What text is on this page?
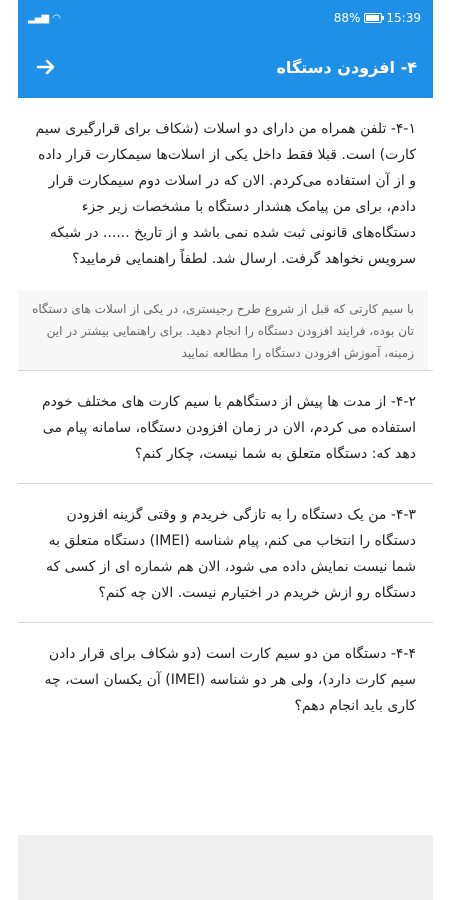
▂▄▆ ◠	88% 15:39
۴- افزودن دستگاه
۴-۱- تلفن همراه من دارای دو اسلات (شکاف برای قرارگیری سیم کارت) است. قبلا فقط داخل یکی از اسلات‌ها سیمکارت قرار داده و از آن استفاده می‌کردم. الان که در اسلات دوم سیمکارت قرار دادم، برای من پیامک هشدار دستگاه با مشخصات زیر جزء دستگاه‌های قانونی ثبت شده نمی باشد و از تاریخ ...... در شبکه سرویس نخواهد گرفت. ارسال شد. لطفاً راهنمایی فرمایید؟
با سیم کارتی که قبل از شروع طرح رجیستری، در یکی از اسلات های دستگاه تان بوده، فرایند افزودن دستگاه را انجام دهید. برای راهنمایی بیشتر در این زمینه، آموزش افزودن دستگاه را مطالعه نمایید
۴-۲- از مدت ها پیش از دستگاهم با سیم کارت های مختلف خودم استفاده می کردم، الان در زمان افزودن دستگاه، سامانه پیام می دهد که: دستگاه متعلق به شما نیست، چکار کنم؟
۴-۳- من یک دستگاه را به تازگی خریدم و وقتی گزینه افزودن دستگاه را انتخاب می کنم، پیام شناسه (IMEI) دستگاه متعلق به شما نیست نمایش داده می شود، الان هم شماره ای از کسی که دستگاه رو ازش خریدم در اختیارم نیست. الان چه کنم؟
۴-۴- دستگاه من دو سیم کارت است (دو شکاف برای قرار دادن سیم کارت دارد)، ولی هر دو شناسه (IMEI) آن یکسان است، چه کاری باید انجام دهم؟
